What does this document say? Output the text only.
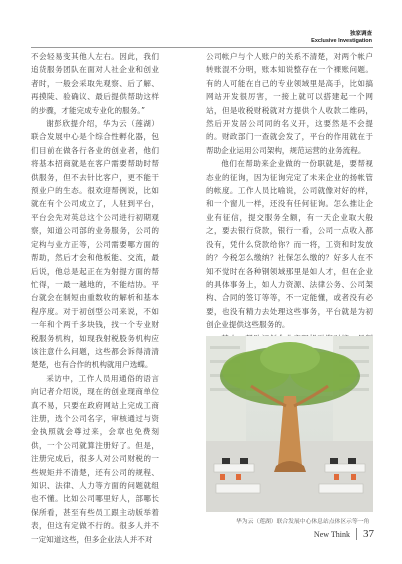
独家调查
Exclusive Investigation

不会轻易变其他人左右。因此，我们追货服务团队在面对人社企业和创业者时，一般会采取先观察、后了解、再摸陡、验确议、最后提供帮助这样的步骤，才能完成专业化的服务。”

谢彭欣提介绍，华为云（莲湖）联合发展中心是个综合性孵化器，包们目前在做各行各业的创业者，他们将基本招商就是在客户需要帮助时帮供服务，但不去针比客户，更不能干预业户的生态。很欢迎帮例说，比如就在有个公司成立了，人驻到平台，平台会先对英总这个公司进行初期观察，知道公司部的业务服务，公司的定构与业方正等，公司需要哪方面的帮助，然后才会和他板能、交流，最后说，他总是起正在为射提方面的帮忙得，一最一越地的，不能结协。平台就会在制短由重数收的解析和基本程序度。对于初创型公司来说，不如一年和个两千多块钱，找一个专业财税服务机构，如现我射税股务机构应该注意什么问题，这些都会诉得清清楚楚，也有合作的机构就用户选蝶。

采访中，工作人员用通俗的语言向记者介绍说，现在的创业现商单位真不易，只要在政府网站上完成工商注册，选个公司名字，审核通过与资金执照就会尊过来，会章也免费刻供，一个公司就算注册好了。但是，注册完成后，很多人对公司财税的一些规矩并不清楚，还有公司的规程、知识、法律、人力等方面的问题就组也不懂。比如公司哪里好人，部哪长保所看，甚至有些员工跟主动版举着表，但这有定做不行的。很多人并不一定知道这些，但多企业法人并不对

公司帐户与个人账户的关系不清楚，对两个帐户转账混不分明，账本知说整存在一个裸账问题。有的人可能在自己的专业领域里是高手，比如搞网站开发很厉害，一接上就可以搭建起一个网站，但是收税财税就对方提供个人收款二维码，然后开发居公司同的名义开，这要然是不会提的。财政部门一查就会发了，平台的作用就在于帮助企业运用公司架构，规范运营的业务流程。

他们在帮助来企业做的一份职就是，要帮视态业的征询，因为征询完定了未来企业的扬帐管的帐度。工作人员比喻说，公司就像对好的样，和一个窗儿一样，还没有任何征询。怎么推让企业有征信，提交服务全额，有一天企业取大般之，要去银行贷款，银行一看，公司一点收入都没有，凭什么贷款给你？而一将，工资和时发放的？今税怎么缴纳？社保怎么缴的？好多人在不知不觉时在各种钢领域那里是如人才，但在企业的具体事务上，如人力资源、法律公务、公司架构、合同的签订等等，不一定能懂，或者没有必要，也没有精力去处理这些事务，平台就是为初创企业提供这些服务的。

华为云（莲湖）联合发展中心休息站点体区示等一角
New Think 37
